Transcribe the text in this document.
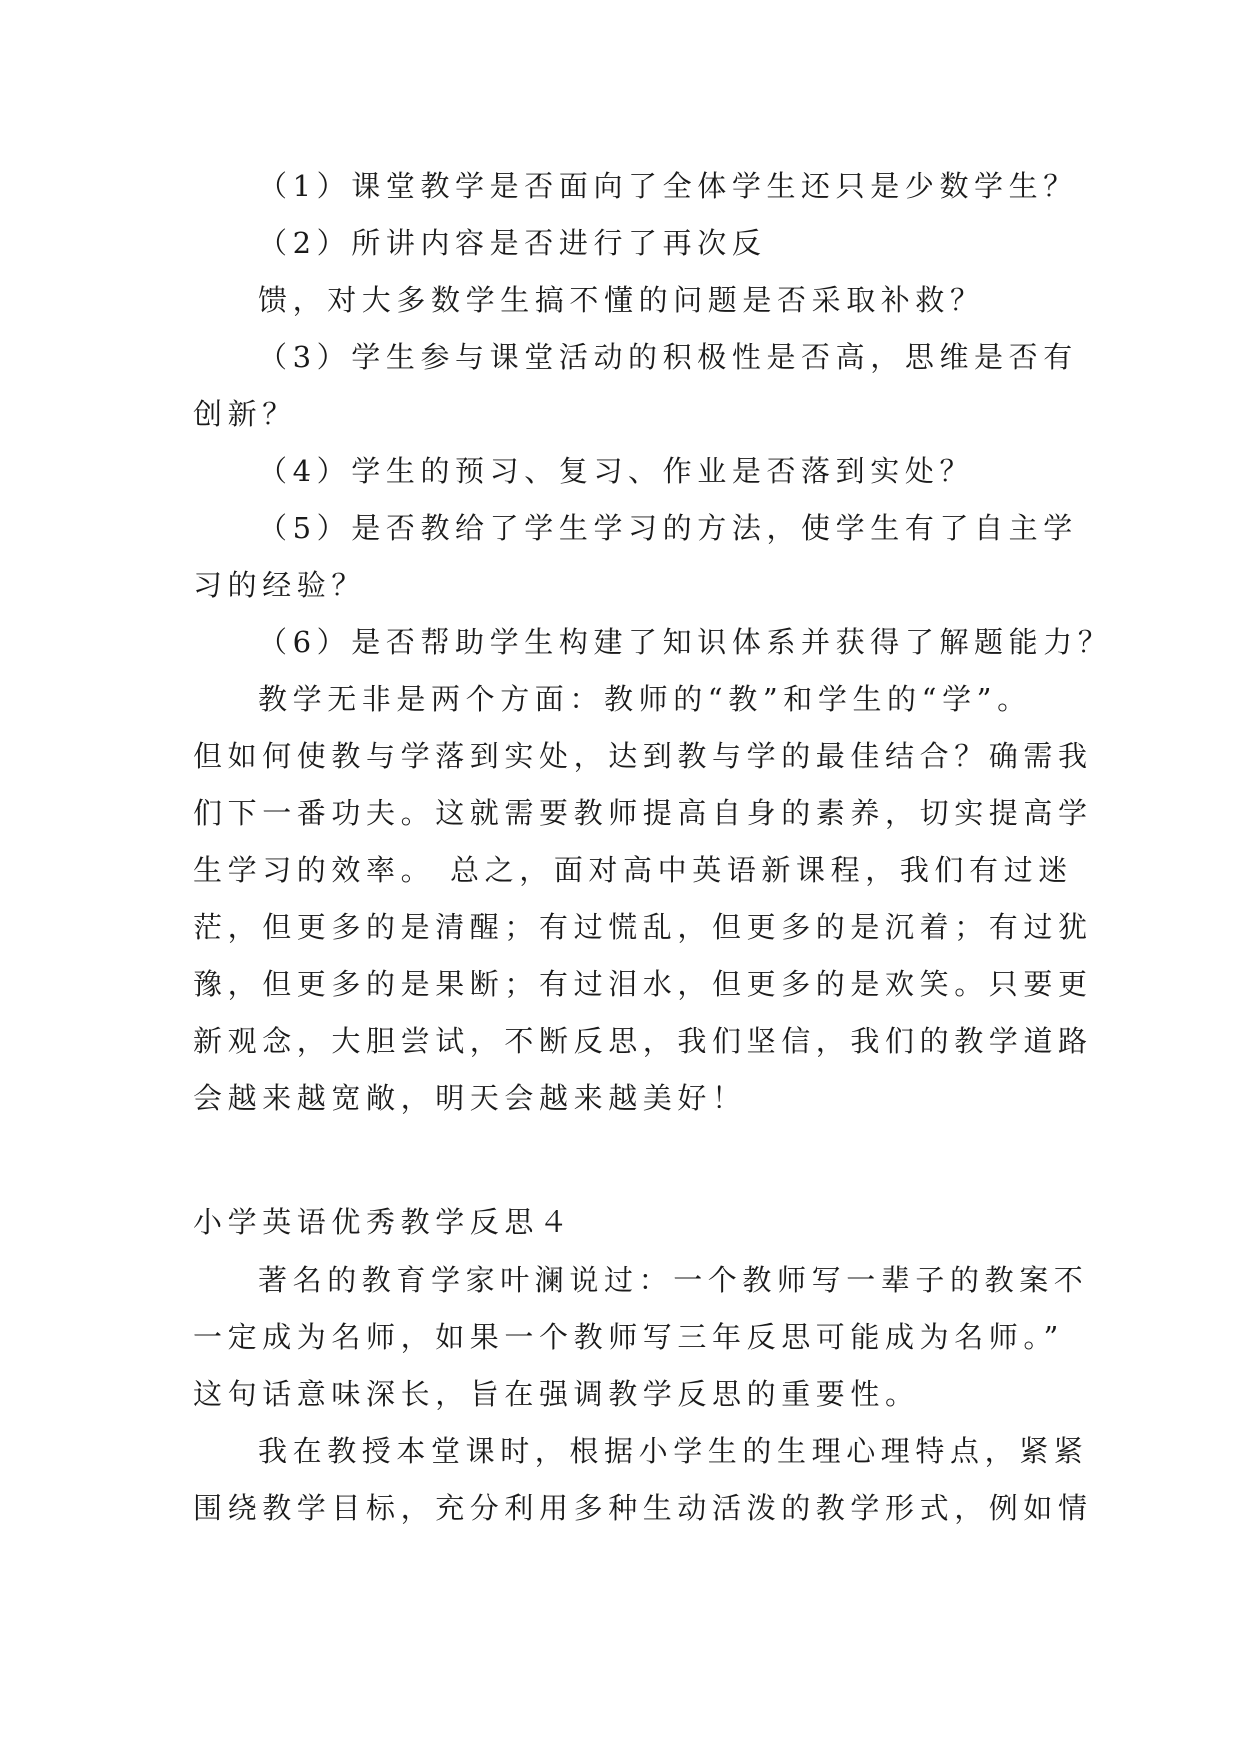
（1）课堂教学是否面向了全体学生还只是少数学生？

（2）所讲内容是否进行了再次反

馈，对大多数学生搞不懂的问题是否采取补救？

（3）学生参与课堂活动的积极性是否高，思维是否有

创新？

（4）学生的预习、复习、作业是否落到实处？

（5）是否教给了学生学习的方法，使学生有了自主学

习的经验？

（6）是否帮助学生构建了知识体系并获得了解题能力？

教学无非是两个方面：教师的“教”和学生的“学”。

但如何使教与学落到实处，达到教与学的最佳结合？确需我

们下一番功夫。这就需要教师提高自身的素养，切实提高学

生学习的效率。 总之，面对高中英语新课程，我们有过迷

茫，但更多的是清醒；有过慌乱，但更多的是沉着；有过犹

豫，但更多的是果断；有过泪水，但更多的是欢笑。只要更

新观念，大胆尝试，不断反思，我们坚信，我们的教学道路

会越来越宽敞，明天会越来越美好！

小学英语优秀教学反思４

著名的教育学家叶澜说过：一个教师写一辈子的教案不

一定成为名师，如果一个教师写三年反思可能成为名师。”

这句话意味深长，旨在强调教学反思的重要性。

我在教授本堂课时，根据小学生的生理心理特点，紧紧

围绕教学目标，充分利用多种生动活泼的教学形式，例如情
